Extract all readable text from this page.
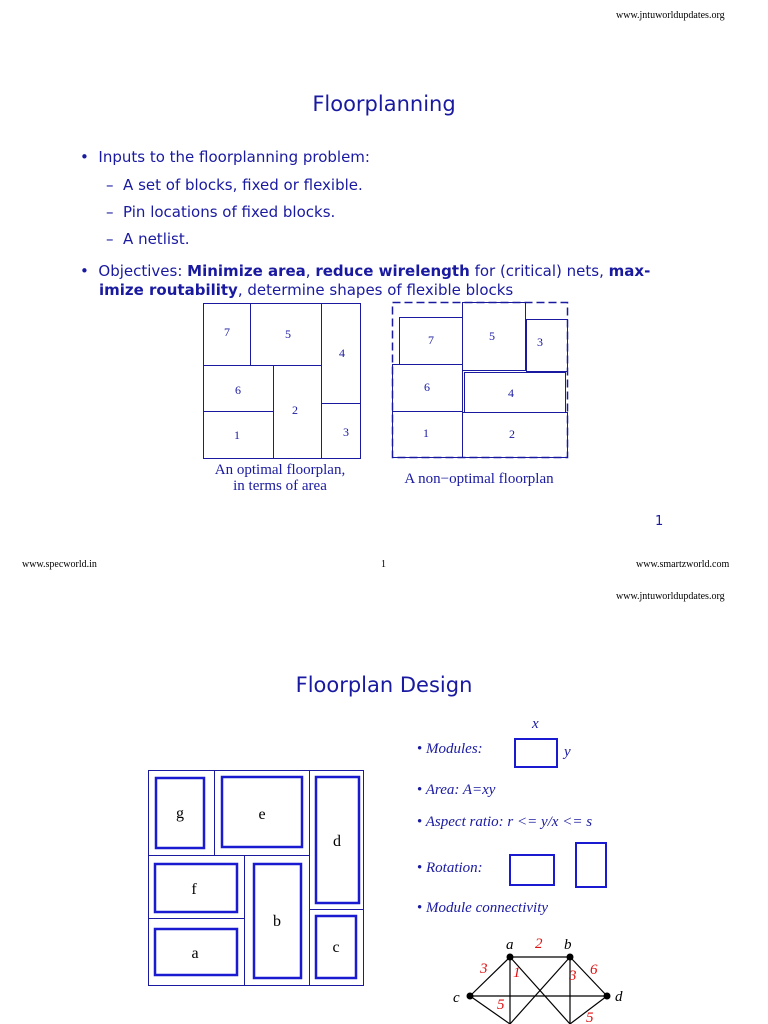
www.jntuworldupdates.org
Floorplanning
•  Inputs to the floorplanning problem:
–  A set of blocks, fixed or flexible.
–  Pin locations of fixed blocks.
–  A netlist.
•  Objectives: Minimize area, reduce wirelength for (critical) nets, max-
imize routability, determine shapes of flexible blocks
7	5
4
6
2
1	3
An optimal floorplan,
in terms of area
7	5	3
6	4
1	2
A non−optimal floorplan
1
www.specworld.in	1	www.smartzworld.com
www.jntuworldupdates.org
Floorplan Design
g	e
d
f
b
a	c
• Modules:
x
y
• Area: A=xy
• Aspect ratio: r <= y/x <= s
• Rotation:
• Module connectivity
a	b
c	d
2
3 1	3 6
5
5
